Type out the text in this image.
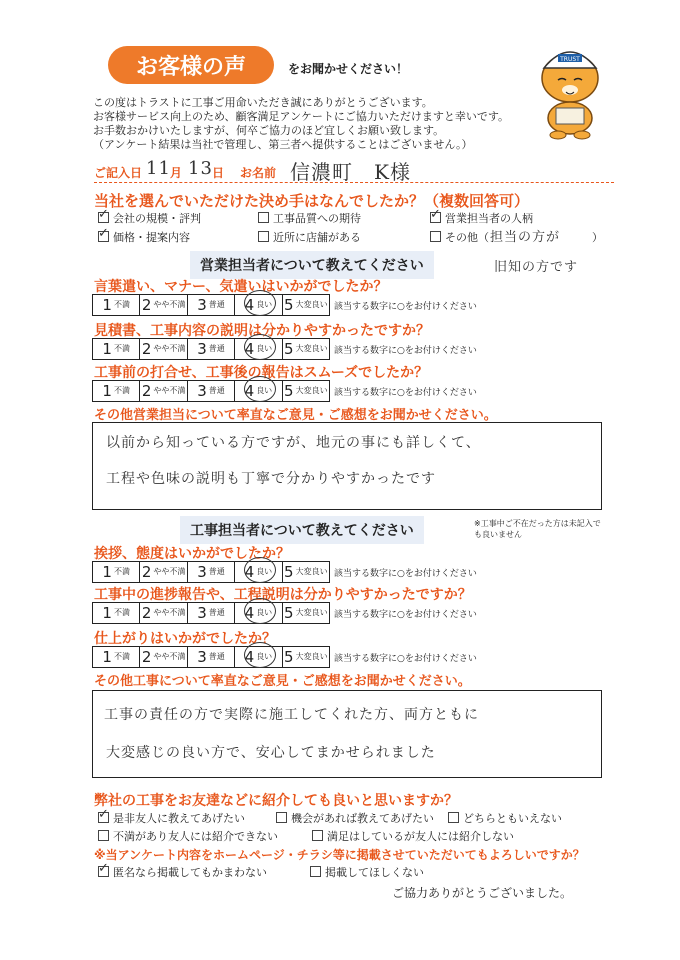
お客様の声	をお聞かせください！
TRUST
この度はトラストに工事ご用命いただき誠にありがとうございます。
お客様サービス向上のため、顧客満足アンケートにご協力いただけますと幸いです。
お手数おかけいたしますが、何卒ご協力のほど宜しくお願い致します。
（アンケート結果は当社で管理し、第三者へ提供することはございません。）
ご記入日 11 月 13 日 お名前 信濃町　K様
当社を選んでいただけた決め手はなんでしたか？（複数回答可）
✓会社の規模・評判	工事品質への期待
✓	営業担当者の人柄
✓価格・提案内容	近所に店舗がある	その他（ 担当の方が	）
旧知の方です
営業担当者について教えてください
言葉遣い、マナー、気遣いはいかがでしたか？
1 不満 2 やや不満 3 普通 4 良い 5 大変良い 該当する数字に○をお付けください
見積書、工事内容の説明は分かりやすかったですか？
1 不満 2 やや不満 3 普通 4 良い 5 大変良い 該当する数字に○をお付けください
工事前の打合せ、工事後の報告はスムーズでしたか？
1 不満 2 やや不満 3 普通 4 良い 5 大変良い 該当する数字に○をお付けください
その他営業担当について率直なご意見・ご感想をお聞かせください。
以前から知っている方ですが、地元の事にも詳しくて、
工程や色味の説明も丁寧で分かりやすかったです
工事担当者について教えてください	※工事中ご不在だった方は未記入でも良いません
挨拶、態度はいかがでしたか？
1 不満 2 やや不満 3 普通 4 良い 5 大変良い 該当する数字に○をお付けください
工事中の進捗報告や、工程説明は分かりやすかったですか？
1 不満 2 やや不満 3 普通 4 良い 5 大変良い 該当する数字に○をお付けください
仕上がりはいかがでしたか？
1 不満 2 やや不満 3 普通 4 良い 5 大変良い 該当する数字に○をお付けください
その他工事について率直なご意見・ご感想をお聞かせください。
工事の責任の方で実際に施工してくれた方、両方ともに
大変感じの良い方で、安心してまかせられました
弊社の工事をお友達などに紹介しても良いと思いますか？
✓是非友人に教えてあげたい	機会があれば教えてあげたい	どちらともいえない
不満があり友人には紹介できない	満足はしているが友人には紹介しない
※当アンケート内容をホームページ・チラシ等に掲載させていただいてもよろしいですか？
✓匿名なら掲載してもかまわない	掲載してほしくない
ご協力ありがとうございました。
